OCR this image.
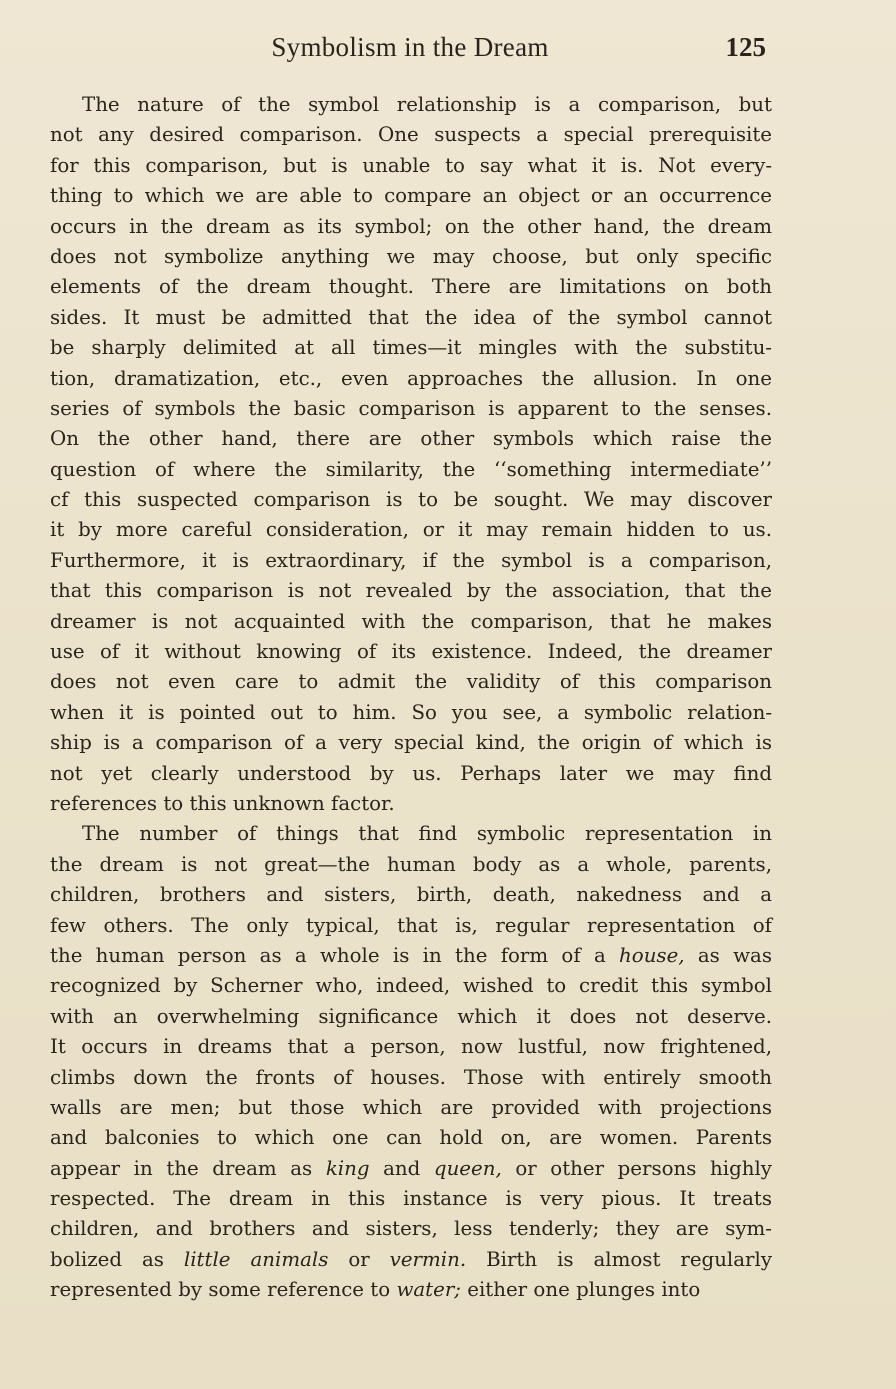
Symbolism in the Dream	125
The nature of the symbol relationship is a comparison, but
not any desired comparison. One suspects a special prerequisite
for this comparison, but is unable to say what it is. Not every-
thing to which we are able to compare an object or an occurrence
occurs in the dream as its symbol; on the other hand, the dream
does not symbolize anything we may choose, but only specific
elements of the dream thought. There are limitations on both
sides. It must be admitted that the idea of the symbol cannot
be sharply delimited at all times—it mingles with the substitu-
tion, dramatization, etc., even approaches the allusion. In one
series of symbols the basic comparison is apparent to the senses.
On the other hand, there are other symbols which raise the
question of where the similarity, the ‘‘something intermediate’’
cf this suspected comparison is to be sought. We may discover
it by more careful consideration, or it may remain hidden to us.
Furthermore, it is extraordinary, if the symbol is a comparison,
that this comparison is not revealed by the association, that the
dreamer is not acquainted with the comparison, that he makes
use of it without knowing of its existence. Indeed, the dreamer
does not even care to admit the validity of this comparison
when it is pointed out to him. So you see, a symbolic relation-
ship is a comparison of a very special kind, the origin of which is
not yet clearly understood by us. Perhaps later we may find
references to this unknown factor.
The number of things that find symbolic representation in
the dream is not great—the human body as a whole, parents,
children, brothers and sisters, birth, death, nakedness and a
few others. The only typical, that is, regular representation of
the human person as a whole is in the form of a house, as was
recognized by Scherner who, indeed, wished to credit this symbol
with an overwhelming significance which it does not deserve.
It occurs in dreams that a person, now lustful, now frightened,
climbs down the fronts of houses. Those with entirely smooth
walls are men; but those which are provided with projections
and balconies to which one can hold on, are women. Parents
appear in the dream as king and queen, or other persons highly
respected. The dream in this instance is very pious. It treats
children, and brothers and sisters, less tenderly; they are sym-
bolized as little animals or vermin. Birth is almost regularly
represented by some reference to water; either one plunges into
